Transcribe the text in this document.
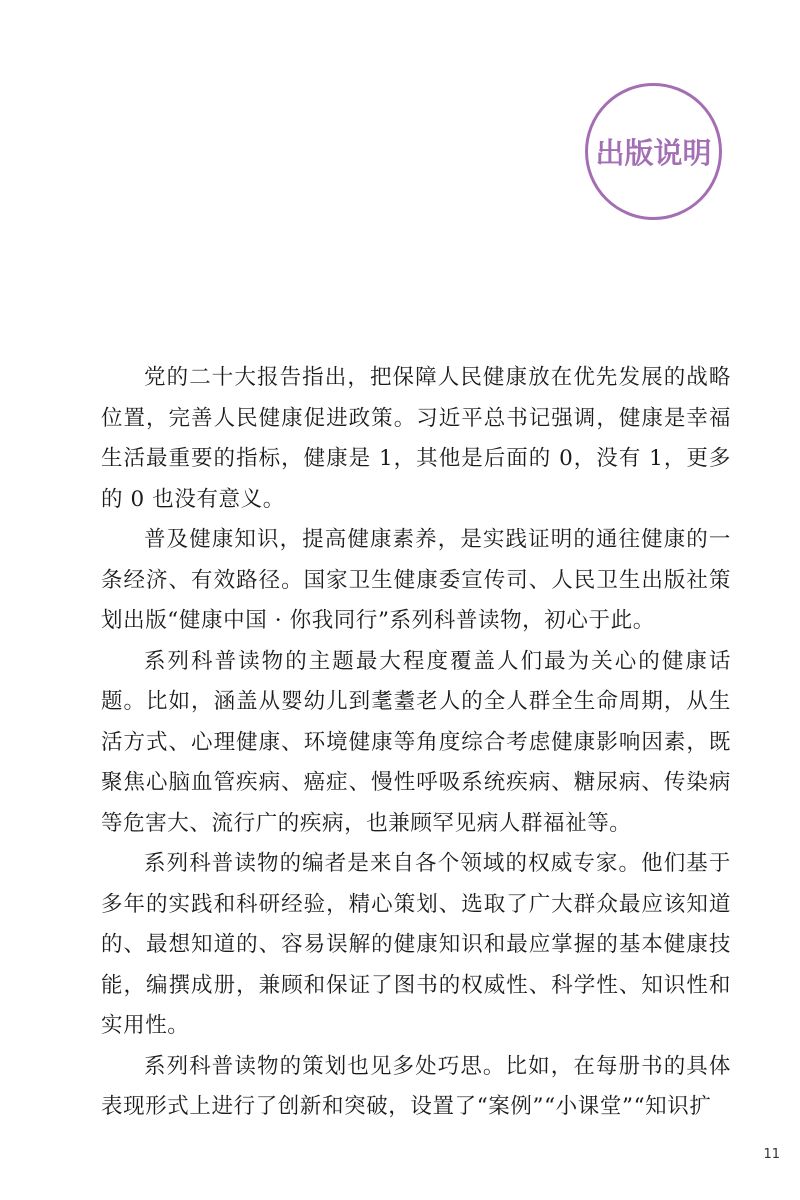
出版说明

党的二十大报告指出，把保障人民健康放在优先发展的战略位置，完善人民健康促进政策。习近平总书记强调，健康是幸福生活最重要的指标，健康是 1，其他是后面的 0，没有 1，更多的 0 也没有意义。

普及健康知识，提高健康素养，是实践证明的通往健康的一条经济、有效路径。国家卫生健康委宣传司、人民卫生出版社策划出版“健康中国 · 你我同行”系列科普读物，初心于此。

系列科普读物的主题最大程度覆盖人们最为关心的健康话题。比如，涵盖从婴幼儿到耄耋老人的全人群全生命周期，从生活方式、心理健康、环境健康等角度综合考虑健康影响因素，既聚焦心脑血管疾病、癌症、慢性呼吸系统疾病、糖尿病、传染病等危害大、流行广的疾病，也兼顾罕见病人群福祉等。

系列科普读物的编者是来自各个领域的权威专家。他们基于多年的实践和科研经验，精心策划、选取了广大群众最应该知道的、最想知道的、容易误解的健康知识和最应掌握的基本健康技能，编撰成册，兼顾和保证了图书的权威性、科学性、知识性和实用性。

系列科普读物的策划也见多处巧思。比如，在每册书的具体表现形式上进行了创新和突破，设置了“案例”“小课堂”“知识扩

11
